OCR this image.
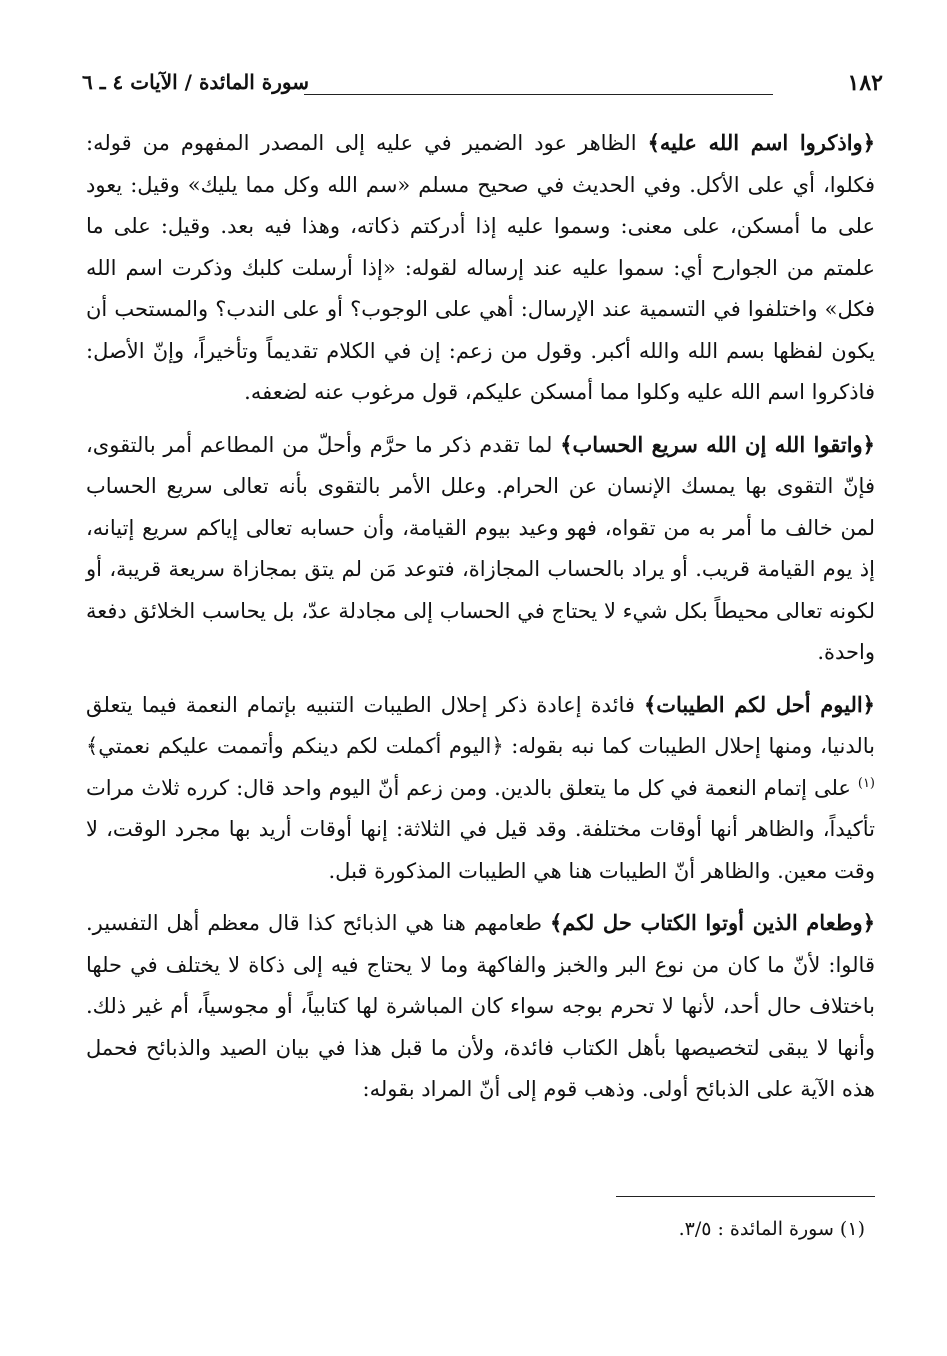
١٨٢
سورة المائدة / الآيات ٤ ـ ٦

﴿واذكروا اسم الله عليه﴾ الظاهر عود الضمير في عليه إلى المصدر المفهوم من قوله: فكلوا، أي على الأكل. وفي الحديث في صحيح مسلم «سم الله وكل مما يليك» وقيل: يعود على ما أمسكن، على معنى: وسموا عليه إذا أدركتم ذكاته، وهذا فيه بعد. وقيل: على ما علمتم من الجوارح أي: سموا عليه عند إرساله لقوله: «إذا أرسلت كلبك وذكرت اسم الله فكل» واختلفوا في التسمية عند الإرسال: أهي على الوجوب؟ أو على الندب؟ والمستحب أن يكون لفظها بسم الله والله أكبر. وقول من زعم: إن في الكلام تقديماً وتأخيراً، وإنّ الأصل: فاذكروا اسم الله عليه وكلوا مما أمسكن عليكم، قول مرغوب عنه لضعفه.

﴿واتقوا الله إن الله سريع الحساب﴾ لما تقدم ذكر ما حرَّم وأحلّ من المطاعم أمر بالتقوى، فإنّ التقوى بها يمسك الإنسان عن الحرام. وعلل الأمر بالتقوى بأنه تعالى سريع الحساب لمن خالف ما أمر به من تقواه، فهو وعيد بيوم القيامة، وأن حسابه تعالى إياكم سريع إتيانه، إذ يوم القيامة قريب. أو يراد بالحساب المجازاة، فتوعد مَن لم يتق بمجازاة سريعة قريبة، أو لكونه تعالى محيطاً بكل شيء لا يحتاج في الحساب إلى مجادلة عدّ، بل يحاسب الخلائق دفعة واحدة.

﴿اليوم أحل لكم الطيبات﴾ فائدة إعادة ذكر إحلال الطيبات التنبيه بإتمام النعمة فيما يتعلق بالدنيا، ومنها إحلال الطيبات كما نبه بقوله: ﴿اليوم أكملت لكم دينكم وأتممت عليكم نعمتي﴾$^{(١)}$ على إتمام النعمة في كل ما يتعلق بالدين. ومن زعم أنّ اليوم واحد قال: كرره ثلاث مرات تأكيداً، والظاهر أنها أوقات مختلفة. وقد قيل في الثلاثة: إنها أوقات أريد بها مجرد الوقت، لا وقت معين. والظاهر أنّ الطيبات هنا هي الطيبات المذكورة قبل.

﴿وطعام الذين أوتوا الكتاب حل لكم﴾ طعامهم هنا هي الذبائح كذا قال معظم أهل التفسير. قالوا: لأنّ ما كان من نوع البر والخبز والفاكهة وما لا يحتاج فيه إلى ذكاة لا يختلف في حلها باختلاف حال أحد، لأنها لا تحرم بوجه سواء كان المباشرة لها كتابياً، أو مجوسياً، أم غير ذلك. وأنها لا يبقى لتخصيصها بأهل الكتاب فائدة، ولأن ما قبل هذا في بيان الصيد والذبائح فحمل هذه الآية على الذبائح أولى. وذهب قوم إلى أنّ المراد بقوله:

(١) سورة المائدة : ٣/٥.
